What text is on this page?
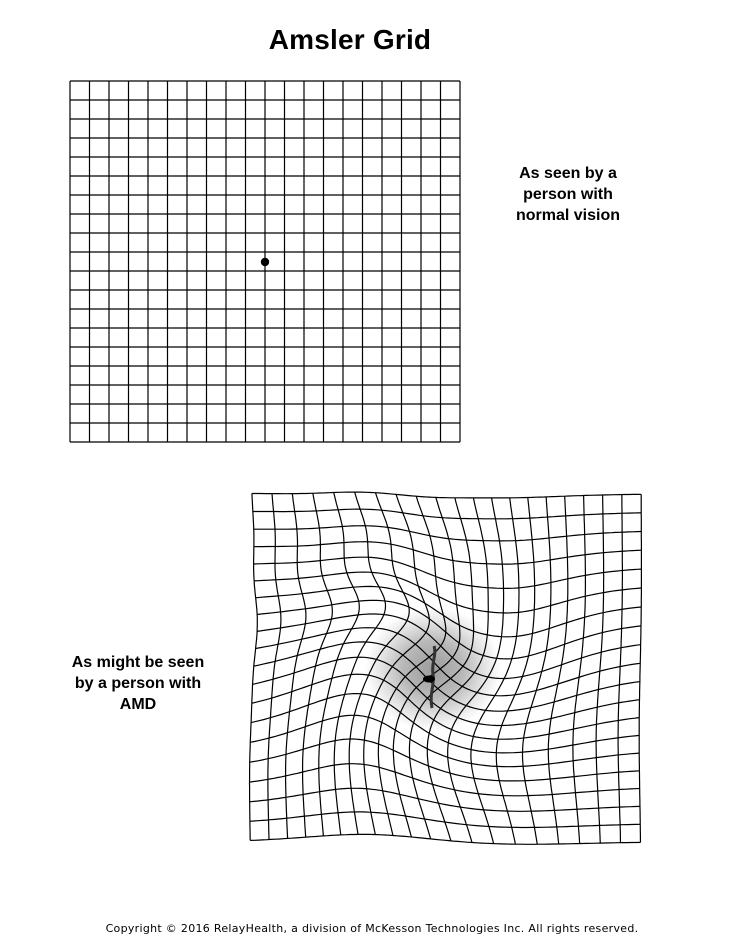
Amsler Grid
As seen by a
person with
normal vision
As might be seen
by a person with
AMD
Copyright © 2016 RelayHealth, a division of McKesson Technologies Inc. All rights reserved.
